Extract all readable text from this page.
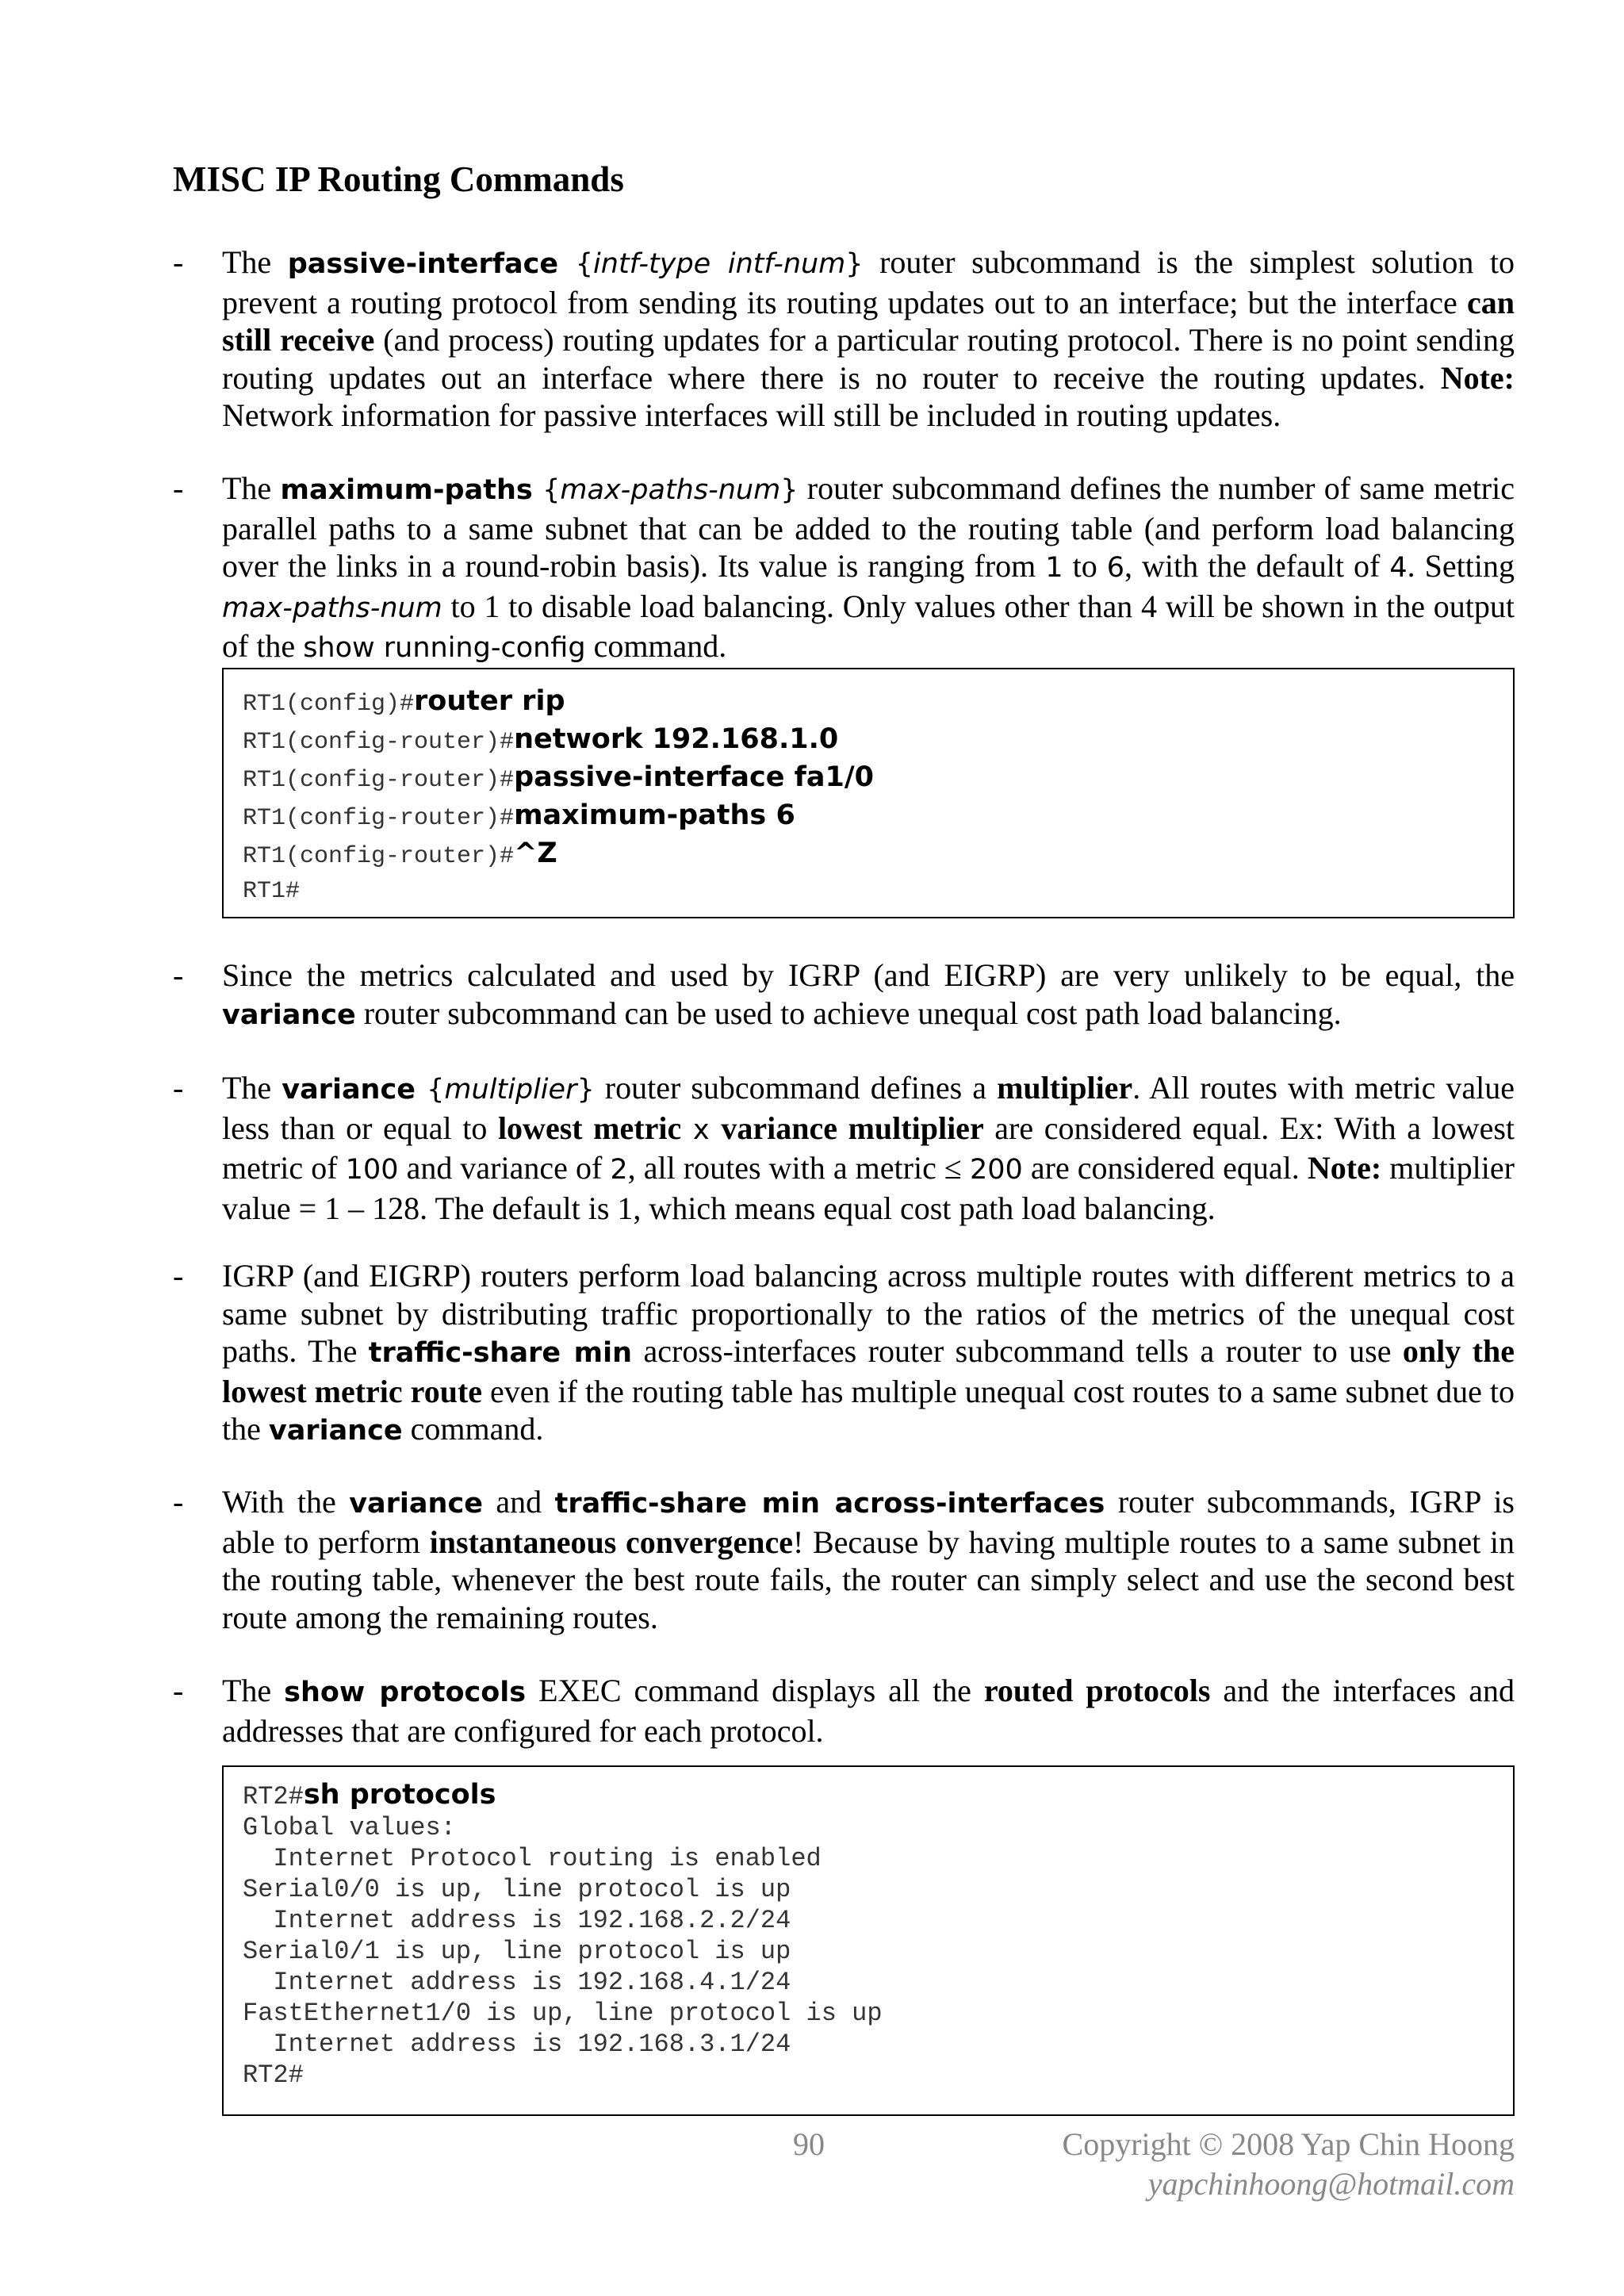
MISC IP Routing Commands
- The passive-interface {intf-type intf-num} router subcommand is the simplest solution to prevent a routing protocol from sending its routing updates out to an interface; but the interface can still receive (and process) routing updates for a particular routing protocol. There is no point sending routing updates out an interface where there is no router to receive the routing updates. Note: Network information for passive interfaces will still be included in routing updates.
- The maximum-paths {max-paths-num} router subcommand defines the number of same metric parallel paths to a same subnet that can be added to the routing table (and perform load balancing over the links in a round-robin basis). Its value is ranging from 1 to 6, with the default of 4. Setting max-paths-num to 1 to disable load balancing. Only values other than 4 will be shown in the output of the show running-config command.
RT1(config)#router rip
RT1(config-router)#network 192.168.1.0
RT1(config-router)#passive-interface fa1/0
RT1(config-router)#maximum-paths 6
RT1(config-router)#^Z
RT1#
- Since the metrics calculated and used by IGRP (and EIGRP) are very unlikely to be equal, the variance router subcommand can be used to achieve unequal cost path load balancing.
- The variance {multiplier} router subcommand defines a multiplier. All routes with metric value less than or equal to lowest metric x variance multiplier are considered equal. Ex: With a lowest metric of 100 and variance of 2, all routes with a metric ≤ 200 are considered equal. Note: multiplier value = 1 – 128. The default is 1, which means equal cost path load balancing.
- IGRP (and EIGRP) routers perform load balancing across multiple routes with different metrics to a same subnet by distributing traffic proportionally to the ratios of the metrics of the unequal cost paths. The traffic-share min across-interfaces router subcommand tells a router to use only the lowest metric route even if the routing table has multiple unequal cost routes to a same subnet due to the variance command.
- With the variance and traffic-share min across-interfaces router subcommands, IGRP is able to perform instantaneous convergence! Because by having multiple routes to a same subnet in the routing table, whenever the best route fails, the router can simply select and use the second best route among the remaining routes.
- The show protocols EXEC command displays all the routed protocols and the interfaces and addresses that are configured for each protocol.
RT2#sh protocols
Global values:
Internet Protocol routing is enabled
Serial0/0 is up, line protocol is up
Internet address is 192.168.2.2/24
Serial0/1 is up, line protocol is up
Internet address is 192.168.4.1/24
FastEthernet1/0 is up, line protocol is up
Internet address is 192.168.3.1/24
RT2#
90	Copyright © 2008 Yap Chin Hoong
yapchinhoong@hotmail.com
